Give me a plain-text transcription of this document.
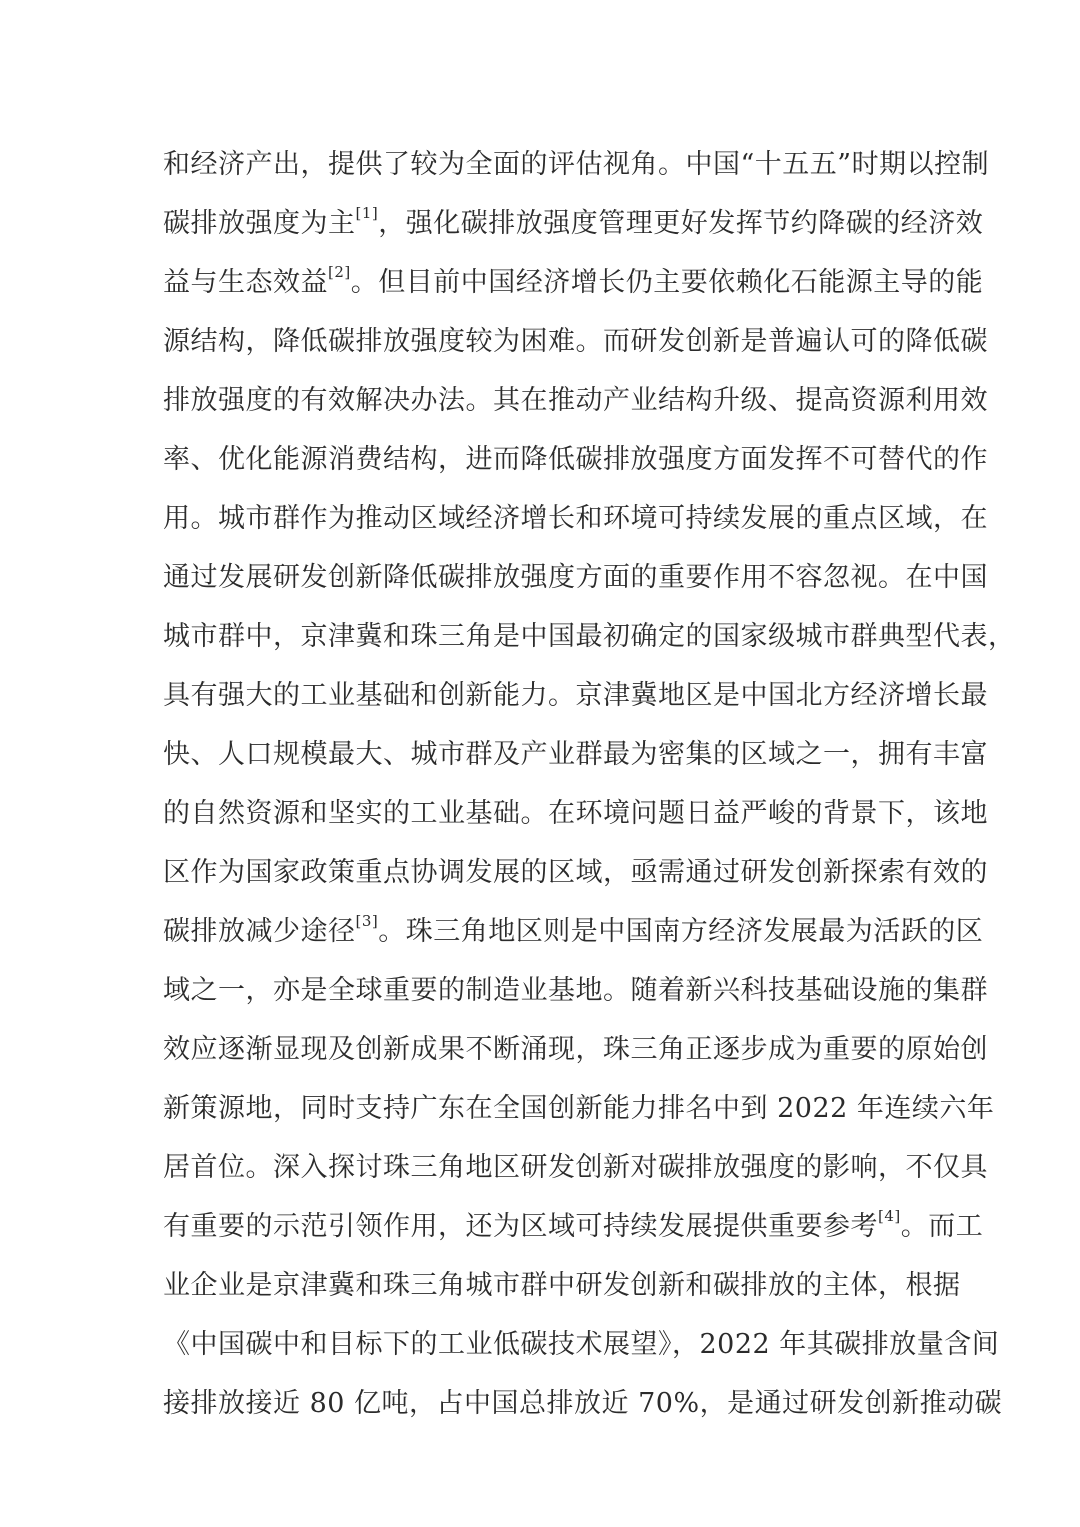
和经济产出，提供了较为全面的评估视角。中国“十五五”时期以控制
碳排放强度为主[1]，强化碳排放强度管理更好发挥节约降碳的经济效
益与生态效益[2]。但目前中国经济增长仍主要依赖化石能源主导的能
源结构，降低碳排放强度较为困难。而研发创新是普遍认可的降低碳
排放强度的有效解决办法。其在推动产业结构升级、提高资源利用效
率、优化能源消费结构，进而降低碳排放强度方面发挥不可替代的作
用。城市群作为推动区域经济增长和环境可持续发展的重点区域，在
通过发展研发创新降低碳排放强度方面的重要作用不容忽视。在中国
城市群中，京津冀和珠三角是中国最初确定的国家级城市群典型代表，
具有强大的工业基础和创新能力。京津冀地区是中国北方经济增长最
快、人口规模最大、城市群及产业群最为密集的区域之一，拥有丰富
的自然资源和坚实的工业基础。在环境问题日益严峻的背景下，该地
区作为国家政策重点协调发展的区域，亟需通过研发创新探索有效的
碳排放减少途径[3]。珠三角地区则是中国南方经济发展最为活跃的区
域之一，亦是全球重要的制造业基地。随着新兴科技基础设施的集群
效应逐渐显现及创新成果不断涌现，珠三角正逐步成为重要的原始创
新策源地，同时支持广东在全国创新能力排名中到 2022 年连续六年
居首位。深入探讨珠三角地区研发创新对碳排放强度的影响，不仅具
有重要的示范引领作用，还为区域可持续发展提供重要参考[4]。而工
业企业是京津冀和珠三角城市群中研发创新和碳排放的主体，根据
《中国碳中和目标下的工业低碳技术展望》，2022 年其碳排放量含间
接排放接近 80 亿吨，占中国总排放近 70%，是通过研发创新推动碳
